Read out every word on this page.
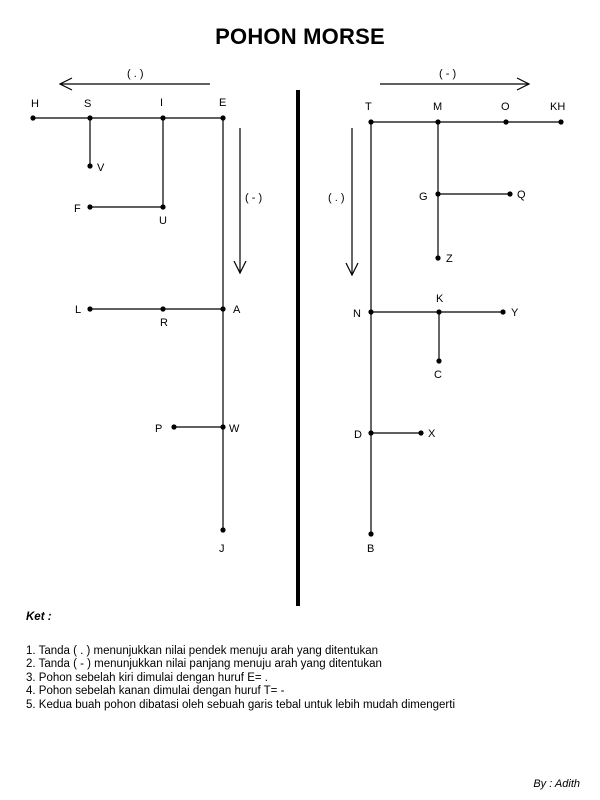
POHON MORSE
( . )
( - )
( - )
( . )
H	S	I	E
V
F
U
L
R
A
P	W
J
T	M	O	KH
G	Q
Z
N
K
Y
C
D	X
B
Ket :
1. Tanda ( . ) menunjukkan nilai pendek menuju arah yang ditentukan
2. Tanda ( - ) menunjukkan nilai panjang menuju arah yang ditentukan
3. Pohon sebelah kiri dimulai dengan huruf E= .
4. Pohon sebelah kanan dimulai dengan huruf T= -
5. Kedua buah pohon dibatasi oleh sebuah garis tebal untuk lebih mudah dimengerti
By : Adith
